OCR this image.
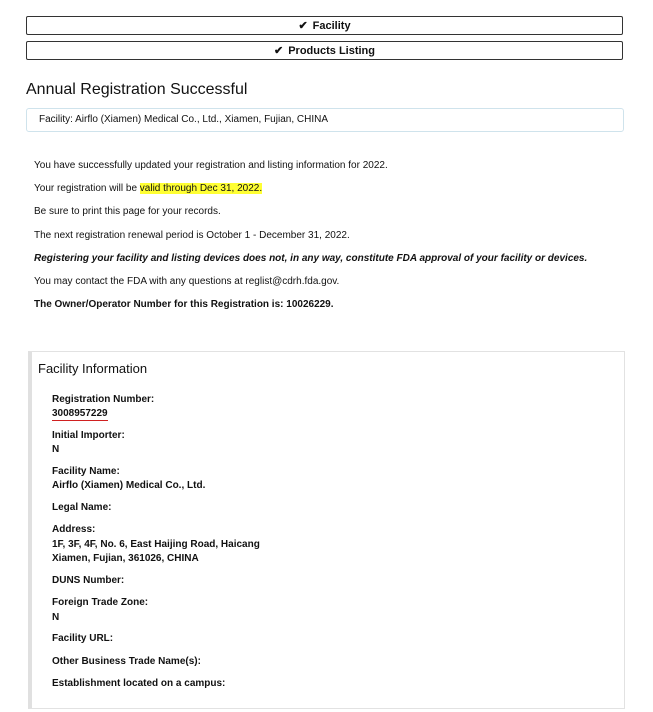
✔ Facility
✔ Products Listing
Annual Registration Successful
Facility: Airflo (Xiamen) Medical Co., Ltd., Xiamen, Fujian, CHINA

You have successfully updated your registration and listing information for 2022.

Your registration will be valid through Dec 31, 2022.

Be sure to print this page for your records.

The next registration renewal period is October 1 - December 31, 2022.

Registering your facility and listing devices does not, in any way, constitute FDA approval of your facility or devices.

You may contact the FDA with any questions at reglist@cdrh.fda.gov.

The Owner/Operator Number for this Registration is: 10026229.

Facility Information
Registration Number:
3008957229
Initial Importer:
N
Facility Name:
Airflo (Xiamen) Medical Co., Ltd.
Legal Name:
Address:
1F, 3F, 4F, No. 6, East Haijing Road, Haicang
Xiamen, Fujian, 361026, CHINA
DUNS Number:
Foreign Trade Zone:
N
Facility URL:
Other Business Trade Name(s):
Establishment located on a campus:
